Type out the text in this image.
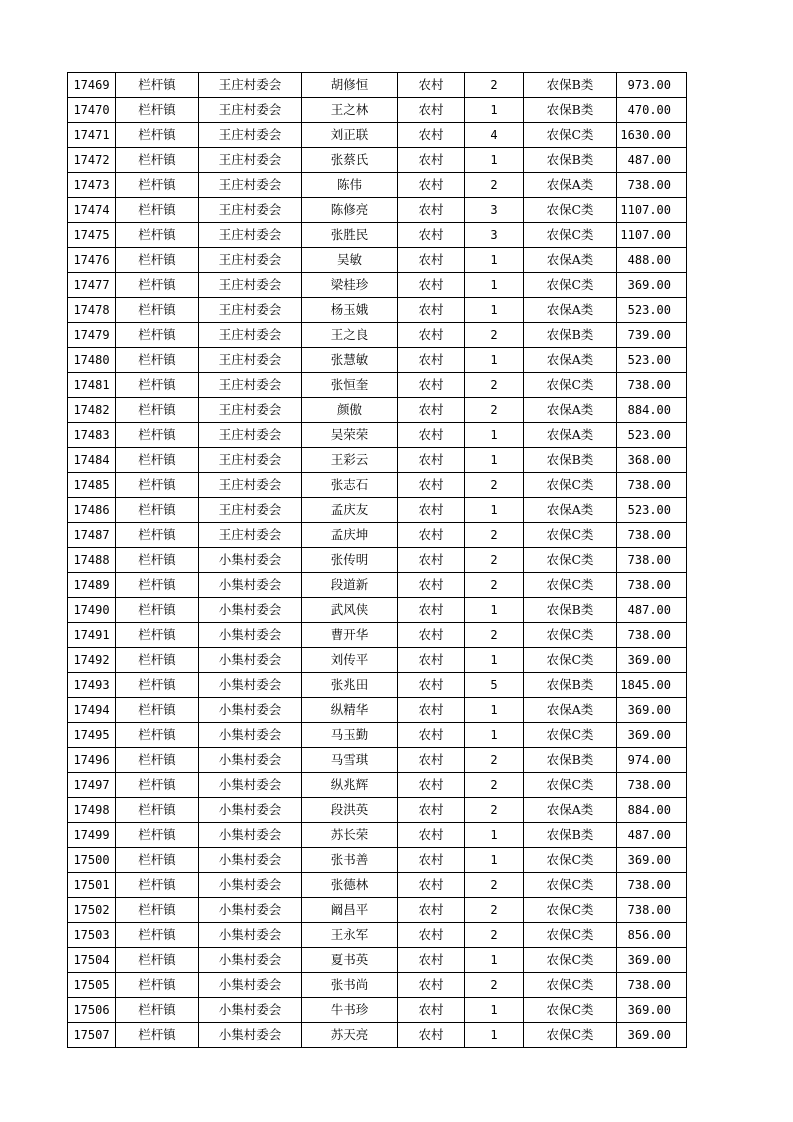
17469	栏杆镇	王庄村委会	胡修恒	农村	2	农保B类	973.00
17470	栏杆镇	王庄村委会	王之林	农村	1	农保B类	470.00
17471	栏杆镇	王庄村委会	刘正联	农村	4	农保C类	1630.00
17472	栏杆镇	王庄村委会	张蔡氏	农村	1	农保B类	487.00
17473	栏杆镇	王庄村委会	陈伟	农村	2	农保A类	738.00
17474	栏杆镇	王庄村委会	陈修亮	农村	3	农保C类	1107.00
17475	栏杆镇	王庄村委会	张胜民	农村	3	农保C类	1107.00
17476	栏杆镇	王庄村委会	吴敏	农村	1	农保A类	488.00
17477	栏杆镇	王庄村委会	梁桂珍	农村	1	农保C类	369.00
17478	栏杆镇	王庄村委会	杨玉娥	农村	1	农保A类	523.00
17479	栏杆镇	王庄村委会	王之良	农村	2	农保B类	739.00
17480	栏杆镇	王庄村委会	张慧敏	农村	1	农保A类	523.00
17481	栏杆镇	王庄村委会	张恒奎	农村	2	农保C类	738.00
17482	栏杆镇	王庄村委会	颜傲	农村	2	农保A类	884.00
17483	栏杆镇	王庄村委会	吴荣荣	农村	1	农保A类	523.00
17484	栏杆镇	王庄村委会	王彩云	农村	1	农保B类	368.00
17485	栏杆镇	王庄村委会	张志石	农村	2	农保C类	738.00
17486	栏杆镇	王庄村委会	孟庆友	农村	1	农保A类	523.00
17487	栏杆镇	王庄村委会	孟庆坤	农村	2	农保C类	738.00
17488	栏杆镇	小集村委会	张传明	农村	2	农保C类	738.00
17489	栏杆镇	小集村委会	段道新	农村	2	农保C类	738.00
17490	栏杆镇	小集村委会	武风侠	农村	1	农保B类	487.00
17491	栏杆镇	小集村委会	曹开华	农村	2	农保C类	738.00
17492	栏杆镇	小集村委会	刘传平	农村	1	农保C类	369.00
17493	栏杆镇	小集村委会	张兆田	农村	5	农保B类	1845.00
17494	栏杆镇	小集村委会	纵精华	农村	1	农保A类	369.00
17495	栏杆镇	小集村委会	马玉勤	农村	1	农保C类	369.00
17496	栏杆镇	小集村委会	马雪琪	农村	2	农保B类	974.00
17497	栏杆镇	小集村委会	纵兆辉	农村	2	农保C类	738.00
17498	栏杆镇	小集村委会	段洪英	农村	2	农保A类	884.00
17499	栏杆镇	小集村委会	苏长荣	农村	1	农保B类	487.00
17500	栏杆镇	小集村委会	张书善	农村	1	农保C类	369.00
17501	栏杆镇	小集村委会	张德林	农村	2	农保C类	738.00
17502	栏杆镇	小集村委会	阚昌平	农村	2	农保C类	738.00
17503	栏杆镇	小集村委会	王永军	农村	2	农保C类	856.00
17504	栏杆镇	小集村委会	夏书英	农村	1	农保C类	369.00
17505	栏杆镇	小集村委会	张书尚	农村	2	农保C类	738.00
17506	栏杆镇	小集村委会	牛书珍	农村	1	农保C类	369.00
17507	栏杆镇	小集村委会	苏天亮	农村	1	农保C类	369.00
